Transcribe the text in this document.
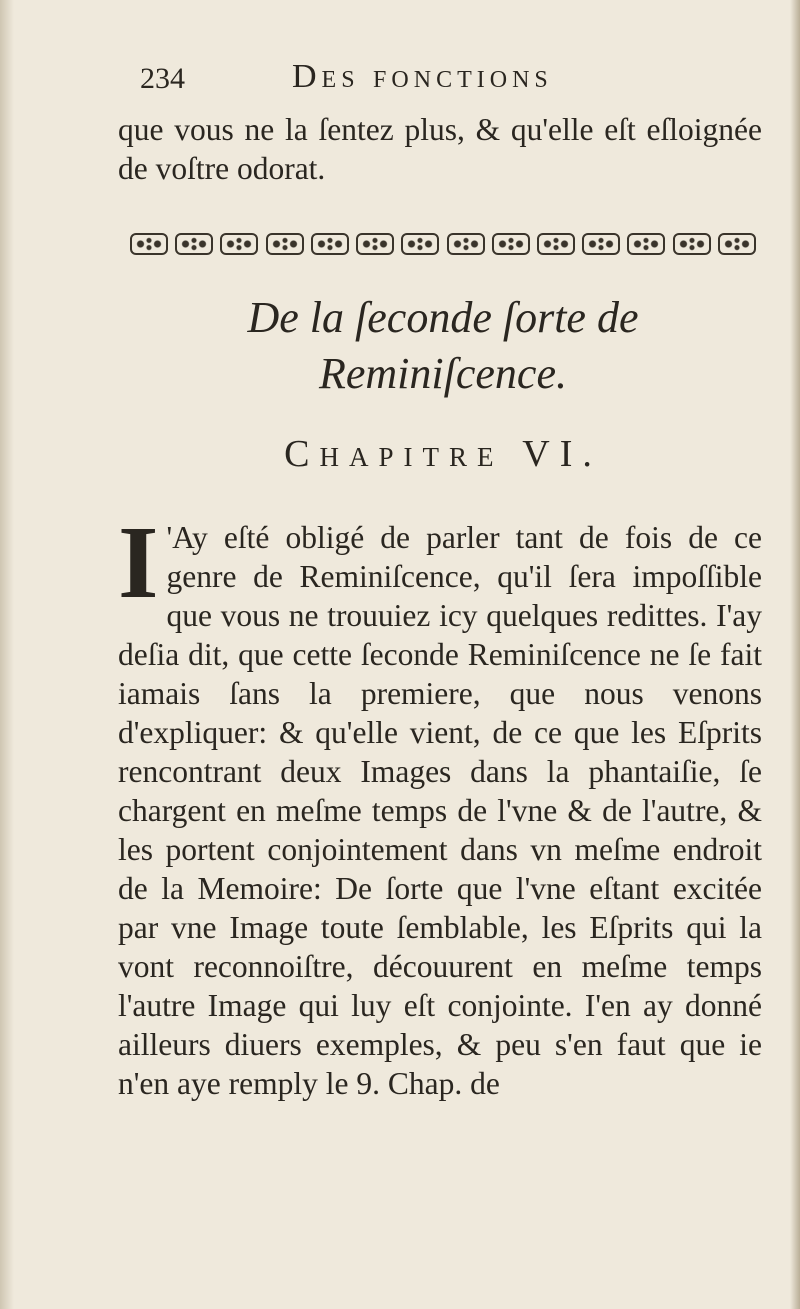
234	Des fonctions
que vous ne la ſentez plus, & qu'elle eſt eſloignée de voſtre odorat.
De la ſeconde ſorte de
Reminiſcence.
Chapitre VI.
I 'Ay eſté obligé de parler tant de fois de ce genre de Reminiſcence, qu'il ſera impoſſible que vous ne trouuiez icy quelques redittes. I'ay deſia dit, que cette ſeconde Reminiſcence ne ſe fait iamais ſans la premiere, que nous venons d'expliquer: & qu'elle vient, de ce que les Eſprits rencontrant deux Images dans la phantaiſie, ſe chargent en meſme temps de l'vne & de l'autre, & les portent conjointement dans vn meſme endroit de la Memoire: De ſorte que l'vne eſtant excitée par vne Image toute ſemblable, les Eſprits qui la vont reconnoiſtre, découurent en meſme temps l'autre Image qui luy eſt conjointe. I'en ay donné ailleurs diuers exemples, & peu s'en faut que ie n'en aye remply le 9. Chap. de
